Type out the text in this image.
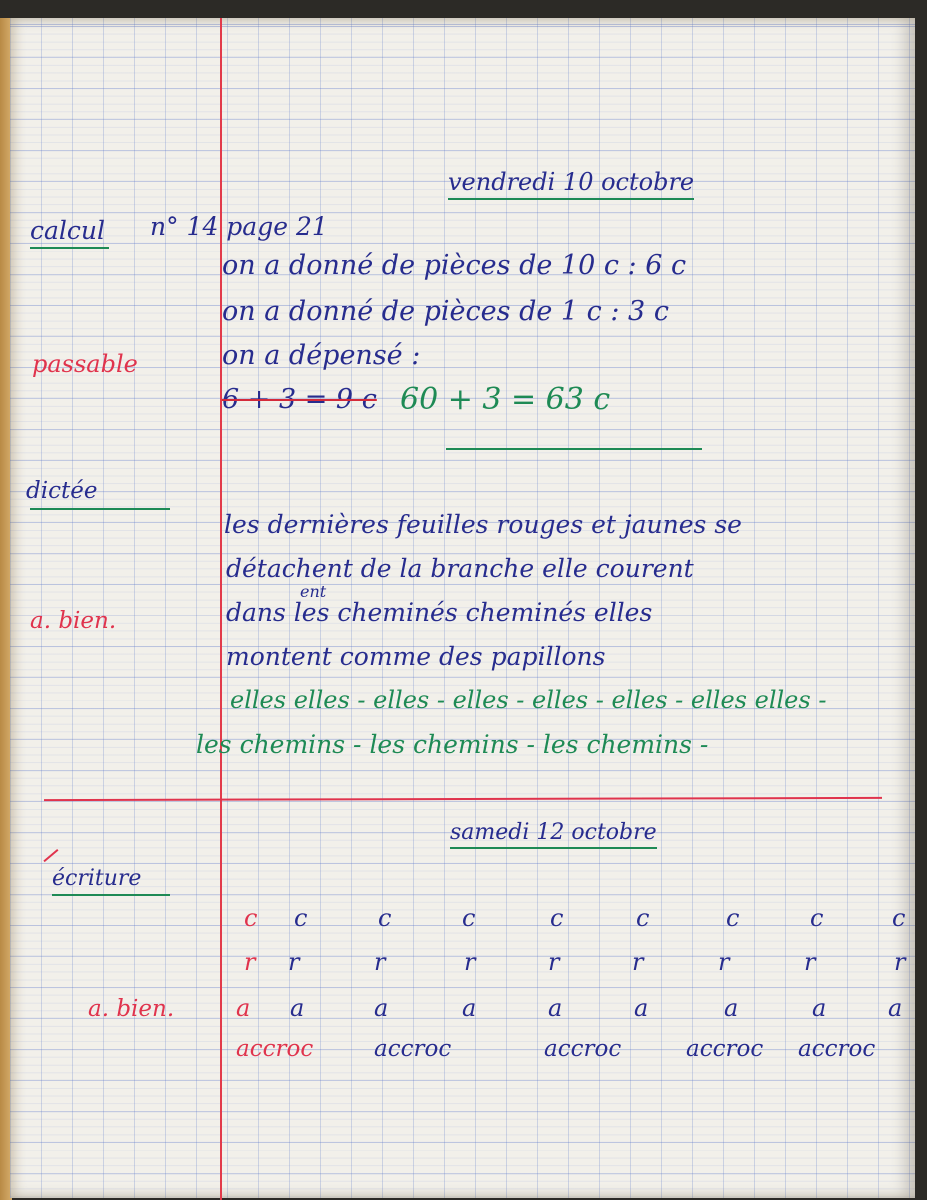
vendredi 10 octobre
calcul n° 14 page 21
on a donné de pièces de 10 c : 6 c
on a donné de pièces de 1 c : 3 c
on a dépensé :
6 + 3 = 9 c 60 + 3 = 63 c
passable
dictée
les dernières feuilles rouges et jaunes se
détachent de la branche elle courent
ent
dans les cheminés cheminés elles
montent comme des papillons
a. bien.
elles elles - elles - elles - elles - elles - elles elles -
les chemins - les chemins - les chemins -
samedi 12 octobre
écriture
a. bien.
c c	c	c	c	c	c	c	c
r r	r	r	r	r	r	r	r
a a	a	a	a	a	a	a	a
accroc	accroc	accroc	accroc accroc
